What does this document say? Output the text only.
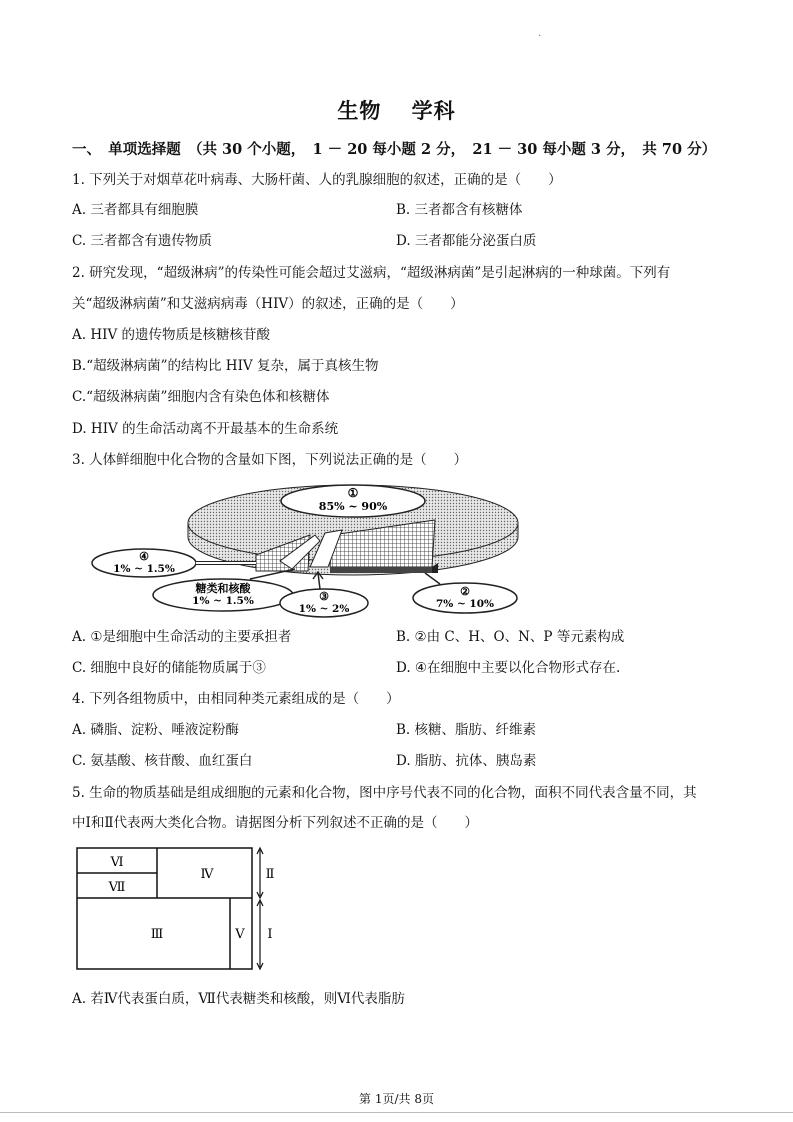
.
生物　 学科
一、　单项选择题　（共 30 个小题，　1 － 20 每小题 2 分，　21 － 30 每小题 3 分，　共 70 分）
1. 下列关于对烟草花叶病毒、大肠杆菌、人的乳腺细胞的叙述，正确的是（　　）
A. 三者都具有细胞膜	B. 三者都含有核糖体
C. 三者都含有遗传物质	D. 三者都能分泌蛋白质
2. 研究发现，“超级淋病”的传染性可能会超过艾滋病，“超级淋病菌”是引起淋病的一种球菌。下列有
关“超级淋病菌”和艾滋病病毒（HIV）的叙述，正确的是（　　）
A. HIV 的遗传物质是核糖核苷酸
B.“超级淋病菌”的结构比 HIV 复杂，属于真核生物
C.“超级淋病菌”细胞内含有染色体和核糖体
D. HIV 的生命活动离不开最基本的生命系统
3. 人体鲜细胞中化合物的含量如下图，下列说法正确的是（　　）
①
85% ~ 90%
④
1% ~ 1.5%
糖类和核酸
1% ~ 1.5%	③
1% ~ 2%
②
7% ~ 10%
A. ①是细胞中生命活动的主要承担者	B. ②由 C、H、O、N、P 等元素构成
C. 细胞中良好的储能物质属于③	D. ④在细胞中主要以化合物形式存在.
4. 下列各组物质中，由相同种类元素组成的是（　　）
A. 磷脂、淀粉、唾液淀粉酶	B. 核糖、脂肪、纤维素
C. 氨基酸、核苷酸、血红蛋白	D. 脂肪、抗体、胰岛素
5. 生命的物质基础是组成细胞的元素和化合物，图中序号代表不同的化合物，面积不同代表含量不同，其
中Ⅰ和Ⅱ代表两大类化合物。请据图分析下列叙述不正确的是（　　）
Ⅵ
Ⅶ
Ⅳ
Ⅲ	Ⅴ
Ⅱ
Ⅰ
A. 若Ⅳ代表蛋白质，Ⅶ代表糖类和核酸，则Ⅵ代表脂肪
第 1页/共 8页
